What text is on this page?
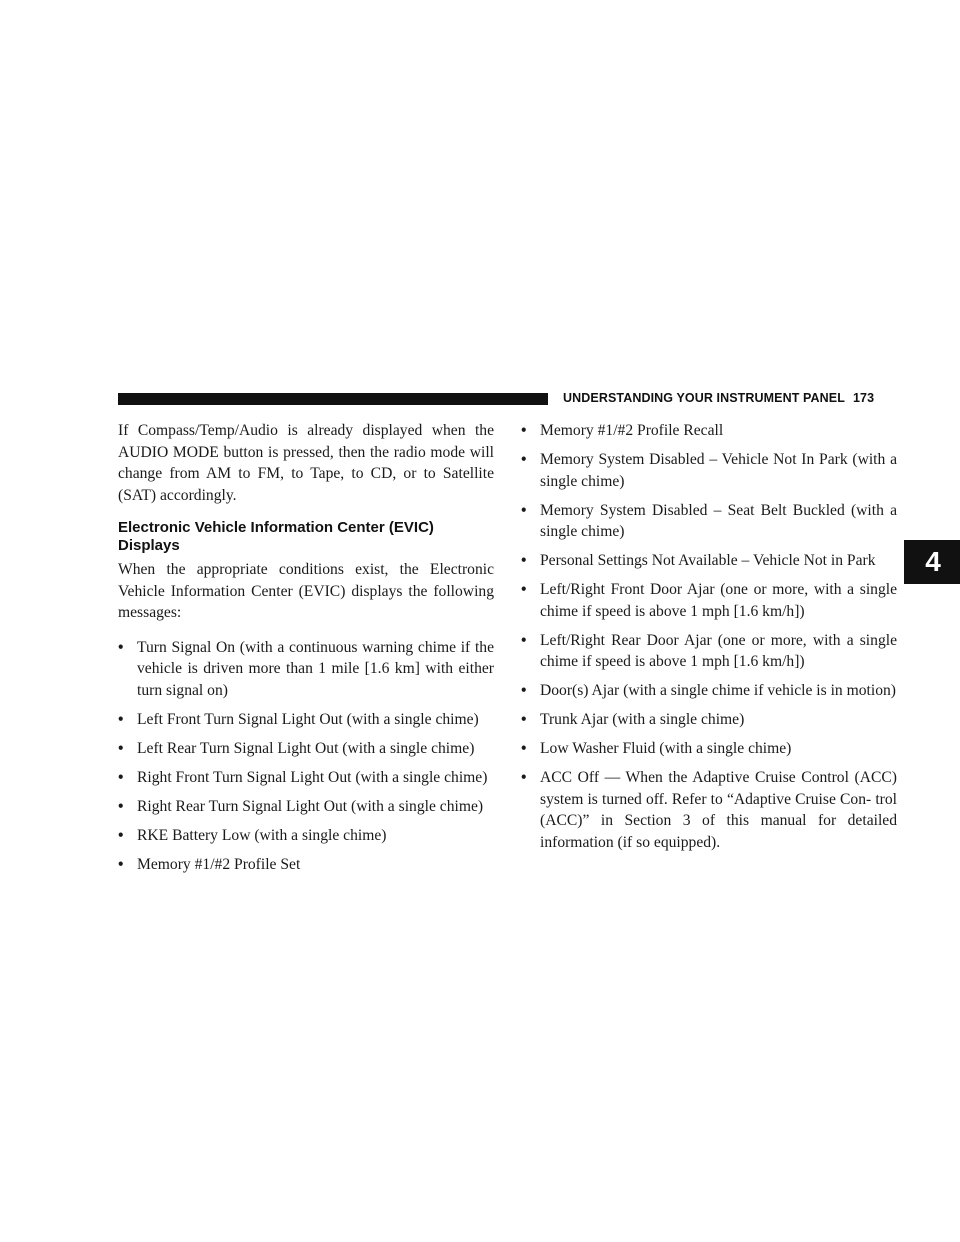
UNDERSTANDING YOUR INSTRUMENT PANEL 173
4

If Compass/Temp/Audio is already displayed when the AUDIO MODE button is pressed, then the radio mode will change from AM to FM, to Tape, to CD, or to Satellite (SAT) accordingly.

Electronic Vehicle Information Center (EVIC) Displays

When the appropriate conditions exist, the Electronic Vehicle Information Center (EVIC) displays the following messages:

• Turn Signal On (with a continuous warning chime if the vehicle is driven more than 1 mile [1.6 km] with either turn signal on)
• Left Front Turn Signal Light Out (with a single chime)
• Left Rear Turn Signal Light Out (with a single chime)
• Right Front Turn Signal Light Out (with a single chime)
• Right Rear Turn Signal Light Out (with a single chime)
• RKE Battery Low (with a single chime)
• Memory #1/#2 Profile Set
• Memory #1/#2 Profile Recall
• Memory System Disabled – Vehicle Not In Park (with a single chime)
• Memory System Disabled – Seat Belt Buckled (with a single chime)
• Personal Settings Not Available – Vehicle Not in Park
• Left/Right Front Door Ajar (one or more, with a single chime if speed is above 1 mph [1.6 km/h])
• Left/Right Rear Door Ajar (one or more, with a single chime if speed is above 1 mph [1.6 km/h])
• Door(s) Ajar (with a single chime if vehicle is in motion)
• Trunk Ajar (with a single chime)
• Low Washer Fluid (with a single chime)
• ACC Off — When the Adaptive Cruise Control (ACC) system is turned off. Refer to “Adaptive Cruise Con- trol (ACC)” in Section 3 of this manual for detailed information (if so equipped).
